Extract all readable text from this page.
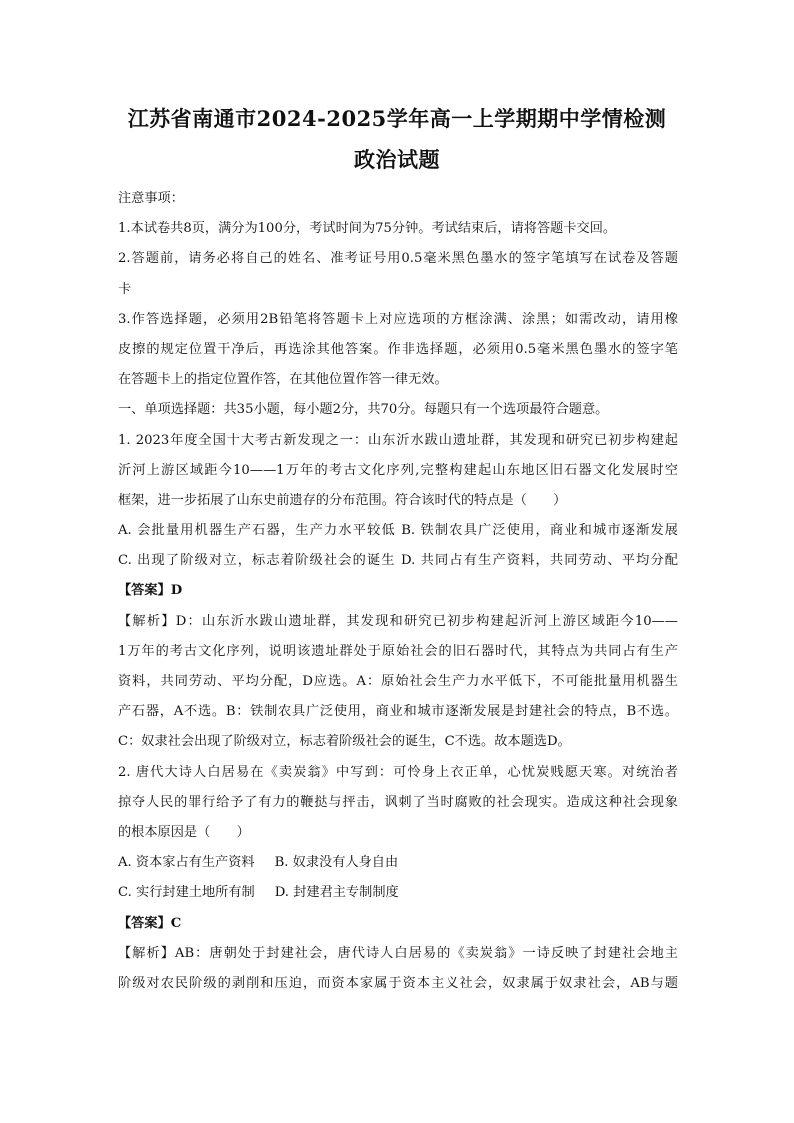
江苏省南通市2024-2025学年高一上学期期中学情检测
政治试题
注意事项：
1.本试卷共8页，满分为100分，考试时间为75分钟。考试结束后，请将答题卡交回。
2.答题前，请务必将自己的姓名、准考证号用0.5毫米黑色墨水的签字笔填写在试卷及答题
卡
3.作答选择题，必须用2B铅笔将答题卡上对应选项的方框涂满、涂黑；如需改动，请用橡
皮擦的规定位置干净后，再选涂其他答案。作非选择题，必须用0.5毫米黑色墨水的签字笔
在答题卡上的指定位置作答，在其他位置作答一律无效。
一、单项选择题：共35小题，每小题2分，共70分。每题只有一个选项最符合题意。
1. 2023年度全国十大考古新发现之一：山东沂水跋山遗址群，其发现和研究已初步构建起
沂河上游区域距今10——1万年的考古文化序列,完整构建起山东地区旧石器文化发展时空
框架，进一步拓展了山东史前遗存的分布范围。符合该时代的特点是（　　）
A. 会批量用机器生产石器，生产力水平较低 B. 铁制农具广泛使用，商业和城市逐渐发展
C. 出现了阶级对立，标志着阶级社会的诞生 D. 共同占有生产资料，共同劳动、平均分配
【答案】D
【解析】D：山东沂水跋山遗址群，其发现和研究已初步构建起沂河上游区域距今10——
1万年的考古文化序列，说明该遗址群处于原始社会的旧石器时代，其特点为共同占有生产
资料，共同劳动、平均分配，D应选。A：原始社会生产力水平低下，不可能批量用机器生
产石器，A不选。B：铁制农具广泛使用，商业和城市逐渐发展是封建社会的特点，B不选。
C：奴隶社会出现了阶级对立，标志着阶级社会的诞生，C不选。故本题选D。
2. 唐代大诗人白居易在《卖炭翁》中写到：可怜身上衣正单，心忧炭贱愿天寒。对统治者
掠夺人民的罪行给予了有力的鞭挞与抨击，讽刺了当时腐败的社会现实。造成这种社会现象
的根本原因是（　　）
A. 资本家占有生产资料 B. 奴隶没有人身自由
C. 实行封建土地所有制 D. 封建君主专制制度
【答案】C
【解析】AB：唐朝处于封建社会，唐代诗人白居易的《卖炭翁》一诗反映了封建社会地主
阶级对农民阶级的剥削和压迫，而资本家属于资本主义社会，奴隶属于奴隶社会，AB与题
